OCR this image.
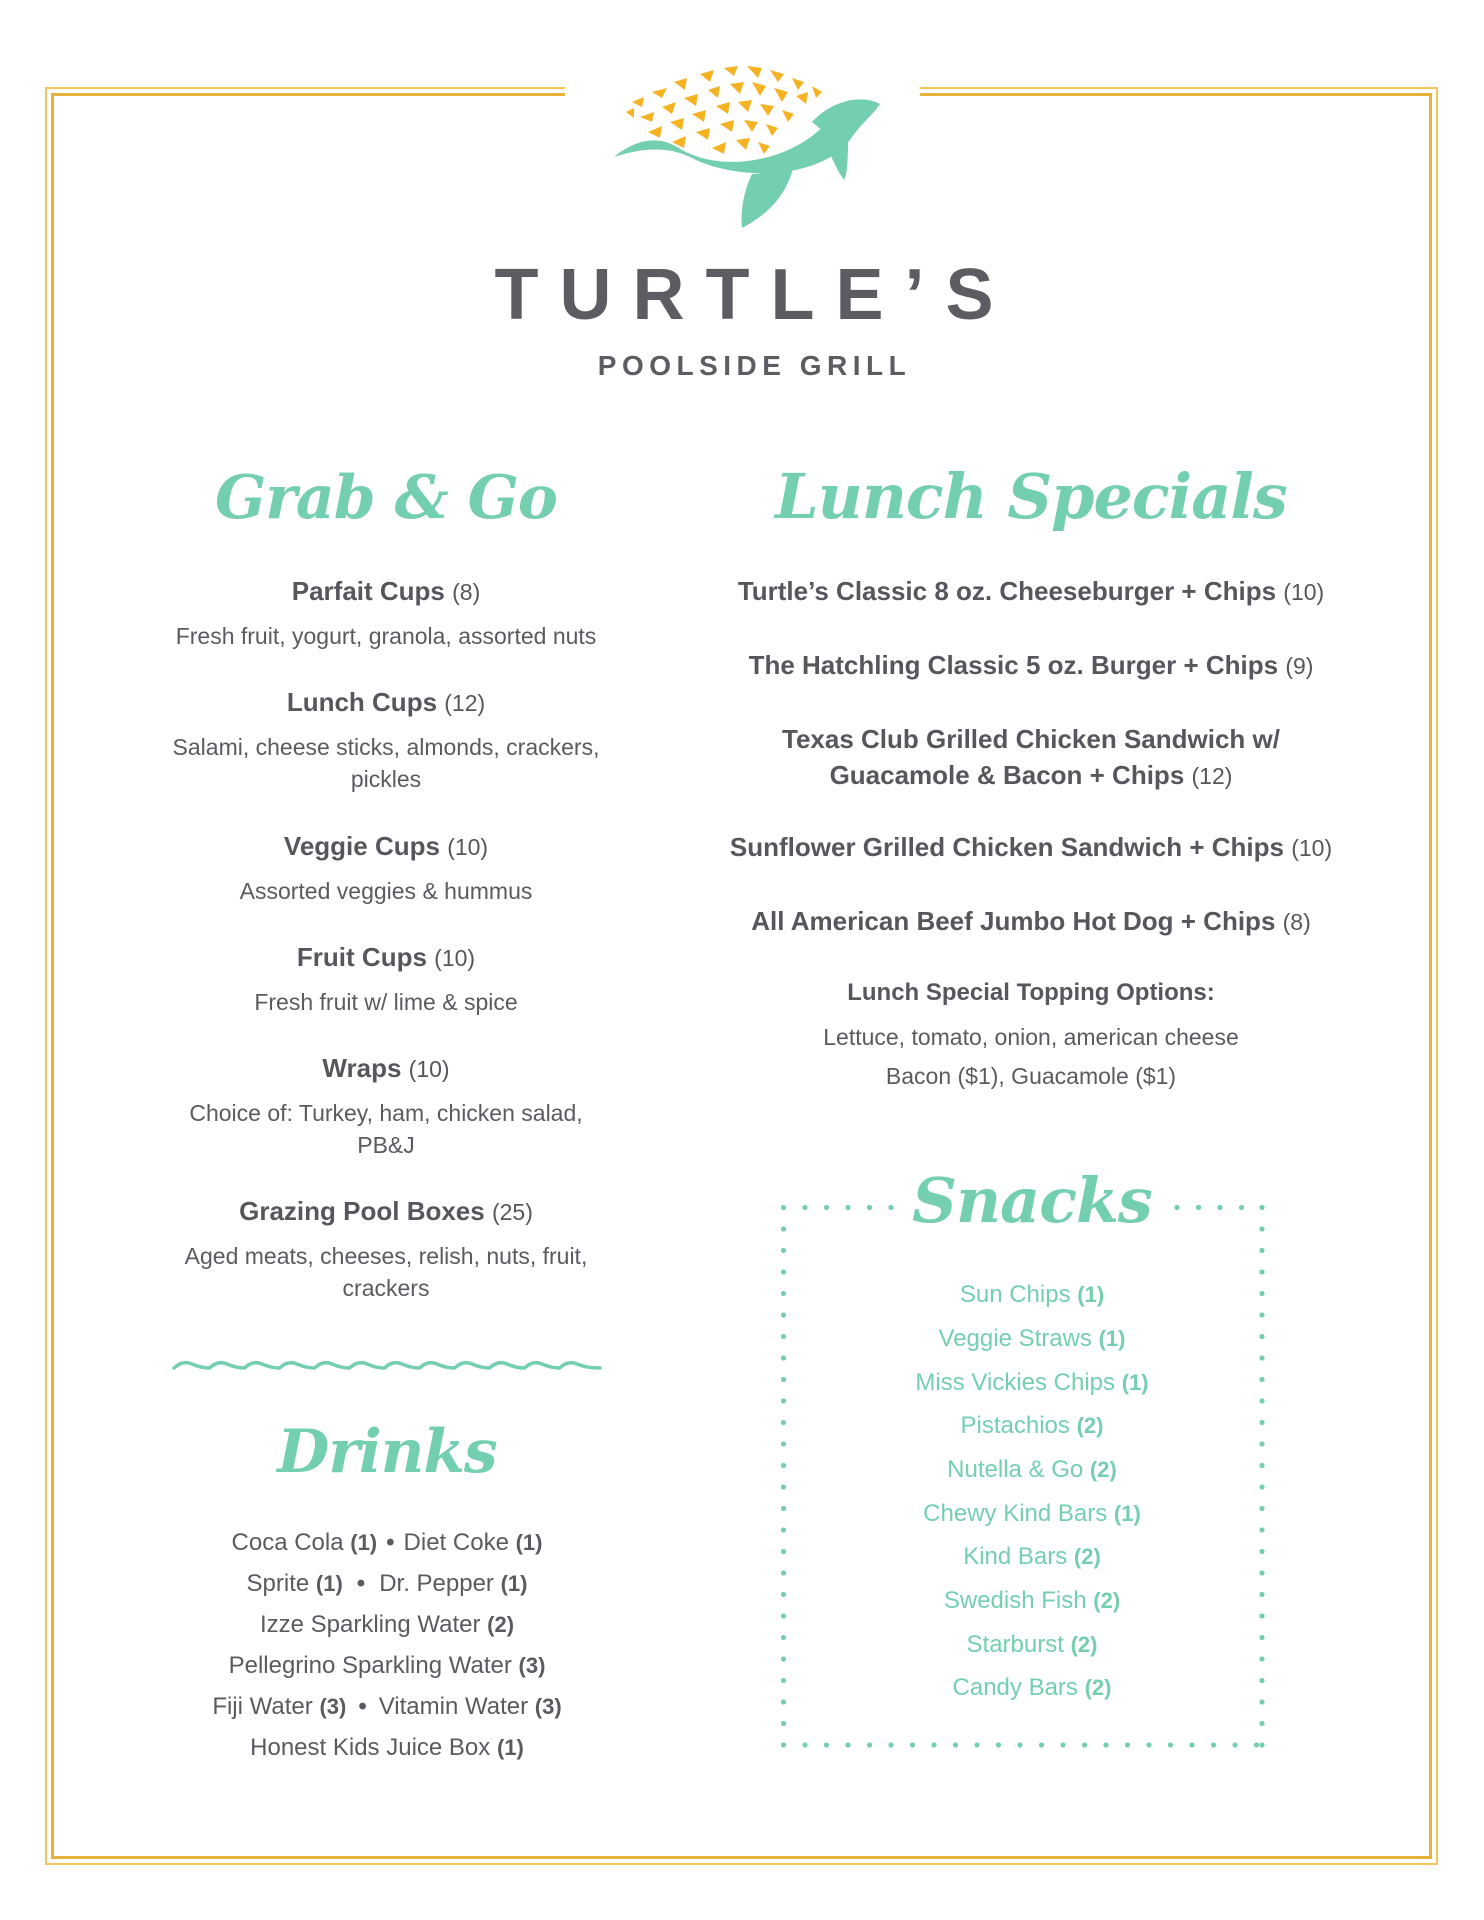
TURTLE’S
POOLSIDE GRILL
Grab & Go
Parfait Cups (8)
Fresh fruit, yogurt, granola, assorted nuts
Lunch Cups (12)
Salami, cheese sticks, almonds, crackers,
pickles
Veggie Cups (10)
Assorted veggies & hummus
Fruit Cups (10)
Fresh fruit w/ lime & spice
Wraps (10)
Choice of: Turkey, ham, chicken salad,
PB&J
Grazing Pool Boxes (25)
Aged meats, cheeses, relish, nuts, fruit,
crackers
Drinks
Coca Cola (1) • Diet Coke (1)
Sprite (1) • Dr. Pepper (1)
Izze Sparkling Water (2)
Pellegrino Sparkling Water (3)
Fiji Water (3) • Vitamin Water (3)
Honest Kids Juice Box (1)
Lunch Specials
Turtle’s Classic 8 oz. Cheeseburger + Chips (10)
The Hatchling Classic 5 oz. Burger + Chips (9)
Texas Club Grilled Chicken Sandwich w/
Guacamole & Bacon + Chips (12)
Sunflower Grilled Chicken Sandwich + Chips (10)
All American Beef Jumbo Hot Dog + Chips (8)
Lunch Special Topping Options:
Lettuce, tomato, onion, american cheese
Bacon ($1), Guacamole ($1)
Snacks
Sun Chips (1)
Veggie Straws (1)
Miss Vickies Chips (1)
Pistachios (2)
Nutella & Go (2)
Chewy Kind Bars (1)
Kind Bars (2)
Swedish Fish (2)
Starburst (2)
Candy Bars (2)
